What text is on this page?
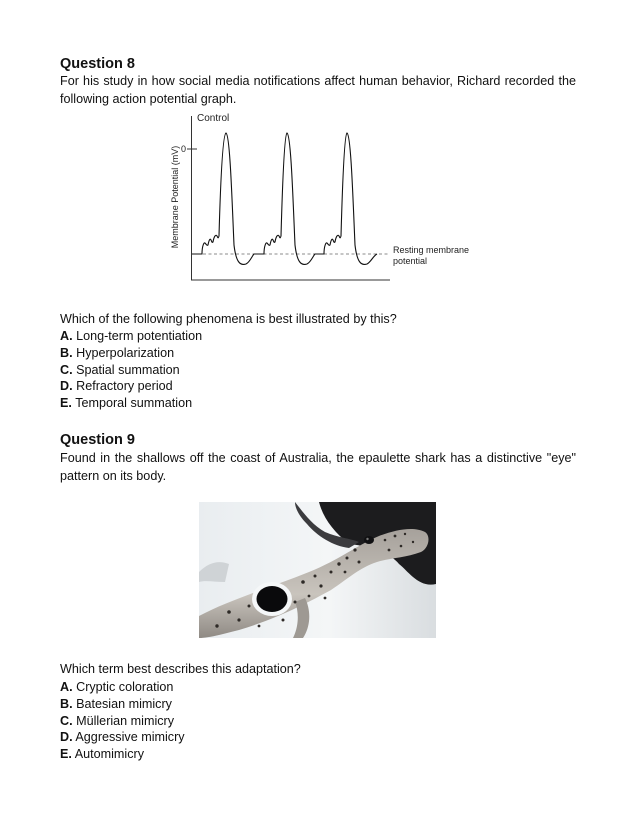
Question 8

For his study in how social media notifications affect human behavior, Richard recorded the following action potential graph.

Control
0
Membrane Potential (mV)
Resting membrane
potential

Which of the following phenomena is best illustrated by this?

A. Long-term potentiation
B. Hyperpolarization
C. Spatial summation
D. Refractory period
E. Temporal summation
Question 9

Found in the shallows off the coast of Australia, the epaulette shark has a distinctive "eye" pattern on its body.

Which term best describes this adaptation?

A. Cryptic coloration
B. Batesian mimicry
C. Müllerian mimicry
D. Aggressive mimicry
E. Automimicry
